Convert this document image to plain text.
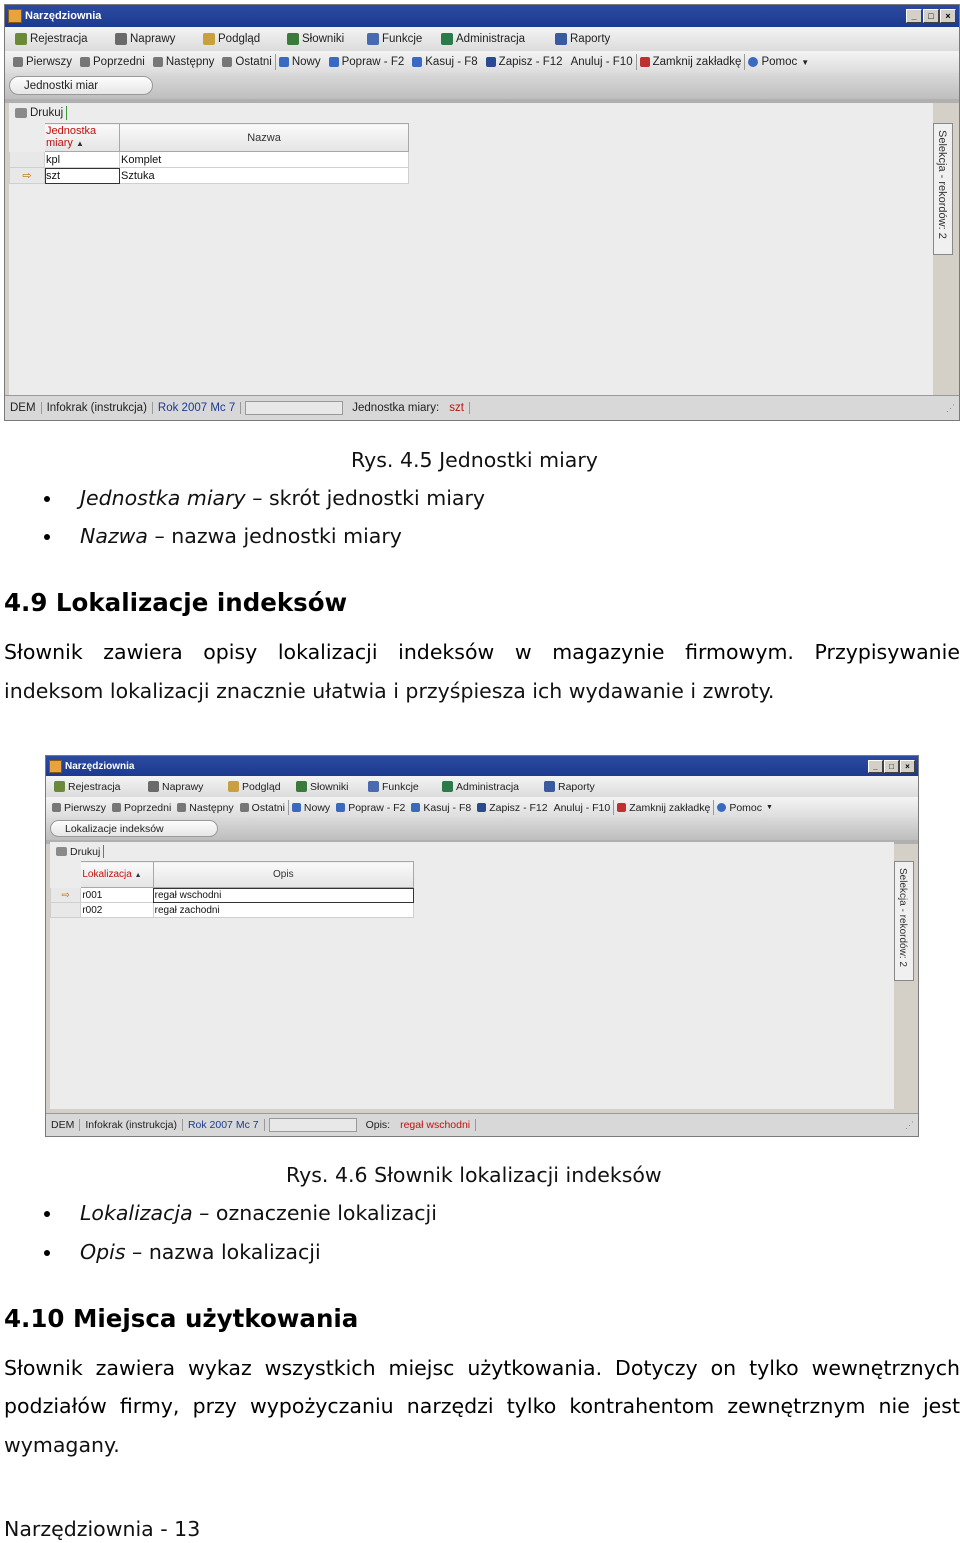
Narzędziownia	_	□	×
Rejestracja	Naprawy	Podgląd	Słowniki	Funkcje	Administracja	Raporty
Pierwszy Poprzedni Następny Ostatni Nowy Popraw - F2 Kasuj - F8 Zapisz - F12 Anuluj - F10 Zamknij zakładkę Pomoc ▼
Jednostki miar
Drukuj
	Jednostka miary ▲	Nazwa
	kpl	Komplet
⇨	szt	Sztuka	Selekcja - rekordów: 2
DEM Infokrak (instrukcja) Rok 2007 Mc 7	Jednostka miary: szt	⋰
Rys. 4.5 Jednostki miary
Jednostka miary – skrót jednostki miary
Nazwa – nazwa jednostki miary
4.9 Lokalizacje indeksów
Słownik zawiera opisy lokalizacji indeksów w magazynie firmowym. Przypisywanie
indeksom lokalizacji znacznie ułatwia i przyśpiesza ich wydawanie i zwroty.
Narzędziownia	_	□	×
Rejestracja	Naprawy	Podgląd	Słowniki	Funkcje	Administracja	Raporty
Pierwszy Poprzedni Następny Ostatni Nowy Popraw - F2 Kasuj - F8 Zapisz - F12 Anuluj - F10 Zamknij zakładkę Pomoc ▼
Lokalizacje indeksów
Drukuj
	Lokalizacja ▲	Opis
⇨	r001	regał wschodni
	r002	regał zachodni	Selekcja - rekordów: 2
DEM	Infokrak (instrukcja)	Rok 2007 Mc 7	Opis: regał wschodni	⋰
Rys. 4.6 Słownik lokalizacji indeksów
Lokalizacja – oznaczenie lokalizacji
Opis – nazwa lokalizacji
4.10 Miejsca użytkowania
Słownik zawiera wykaz wszystkich miejsc użytkowania. Dotyczy on tylko wewnętrznych
podziałów firmy, przy wypożyczaniu narzędzi tylko kontrahentom zewnętrznym nie jest
wymagany.
Narzędziownia - 13
